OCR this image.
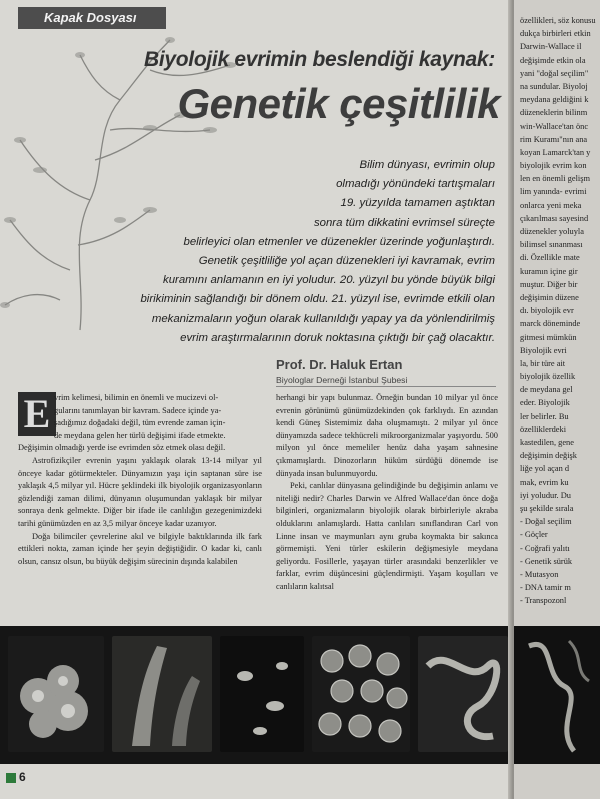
Kapak Dosyası
Biyolojik evrimin beslendiği kaynak:
Genetik çeşitlilik
Bilim dünyası, evrimin olup
olmadığı yönündeki tartışmaları
19. yüzyılda tamamen aştıktan
sonra tüm dikkatini evrimsel süreçte
belirleyici olan etmenler ve düzenekler üzerinde yoğunlaştırdı.
Genetik çeşitliliğe yol açan düzenekleri iyi kavramak, evrim
kuramını anlamanın en iyi yoludur. 20. yüzyıl bu yönde büyük bilgi
birikiminin sağlandığı bir dönem oldu. 21. yüzyıl ise, evrimde etkili olan
mekanizmaların yoğun olarak kullanıldığı yapay ya da yönlendirilmiş
evrim araştırmalarının doruk noktasına çıktığı bir çağ olacaktır.
Prof. Dr. Haluk Ertan
Biyologlar Derneği İstanbul Şubesi
E vrim kelimesi, bilimin en önemli ve mucizevi ol-

gularını tanımlayan bir kavram. Sadece içinde ya-

şadığımız doğadaki değil, tüm evrende zaman için-

de meydana gelen her türlü değişimi ifade etmekte.

Değişimin olmadığı yerde ise evrimden söz etmek olası değil.

Astrofizikçiler evrenin yaşını yaklaşık olarak 13-14 milyar yıl önceye kadar götürmekteler. Dünyamızın yaşı için saptanan süre ise yaklaşık 4,5 milyar yıl. Hücre şeklindeki ilk biyolojik organizasyonların gözlendiği zaman dilimi, dünyanın oluşumundan yaklaşık bir milyar sonraya denk gelmekte. Diğer bir ifade ile canlılığın gezegenimizdeki tarihi günümüzden en az 3,5 milyar önceye kadar uzanıyor.

Doğa bilimciler çevrelerine akıl ve bilgiyle baktıklarında ilk fark ettikleri nokta, zaman içinde her şeyin değiştiğidir. O kadar ki, canlı olsun, cansız olsun, bu büyük değişim sürecinin dışında kalabilen

herhangi bir yapı bulunmaz. Örneğin bundan 10 milyar yıl önce evrenin görünümü günümüzdekinden çok farklıydı. En azından kendi Güneş Sistemimiz daha oluşmamıştı. 2 milyar yıl önce dünyamızda sadece tekhücreli mikroorganizmalar yaşıyordu. 500 milyon yıl önce memeliler henüz daha yaşam sahnesine çıkmamışlardı. Dinozorların hüküm sürdüğü dönemde ise dünyada insan bulunmuyordu.

Peki, canlılar dünyasına gelindiğinde bu değişimin anlamı ve niteliği nedir? Charles Darwin ve Alfred Wallace'dan önce doğa bilginleri, organizmaların biyolojik olarak birbirleriyle akraba olduklarını anlamışlardı. Hatta canlıları sınıflandıran Carl von Linne insan ve maymunları aynı gruba koymakta bir sakınca görmemişti. Yeni türler eskilerin değişmesiyle meydana geliyordu. Fosillerle, yaşayan türler arasındaki benzerlikler ve farklar, evrim düşüncesini güçlendirmişti. Yaşam koşulları ve canlıların kalıtsal

6
özellikleri, söz konusu
dukça birbirleri etkin
Darwin-Wallace il
değişimde etkin ola
yani "doğal seçilim"
na sundular. Biyoloj
meydana geldiğini k
düzeneklerin bilinm
win-Wallace'tan önc
rim Kuramı"nın ana
koyan Lamarck'tan y
biyolojik evrim kon
len en önemli gelişm
lim yanında- evrimi
onlarca yeni meka
çıkarılması sayesind
düzenekler yoluyla
bilimsel sınanması
di. Özellikle mate
kuramın içine gir
muştur. Diğer bir
değişimin düzene
dı. biyolojik evr
marck döneminde
gitmesi mümkün
Biyolojik evri
la, bir türe ait
biyolojik özellik
de meydana gel
eder. Biyolojik
ler belirler. Bu
özelliklerdeki
kastedilen, gene
değişimin değişk
liğe yol açan d
mak, evrim ku
iyi yoludur. Du
şu şekilde sırala
- Doğal seçilim
- Göçler
- Coğrafi yalıtı
- Genetik sürük
- Mutasyon
- DNA tamir m
- Transpozonl
